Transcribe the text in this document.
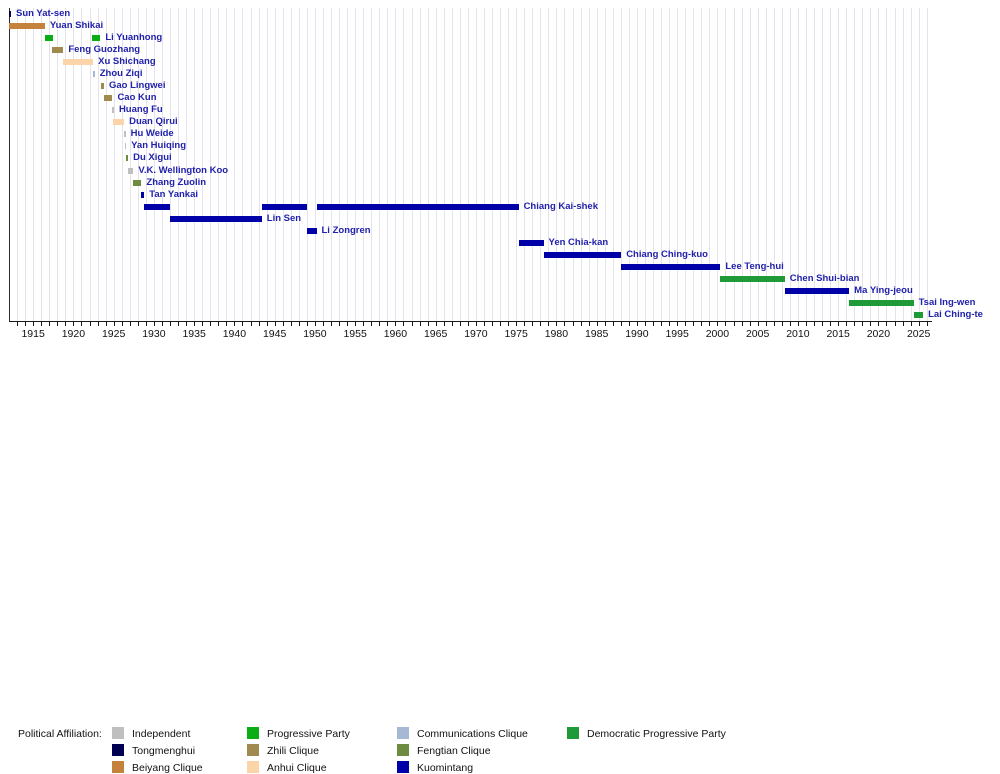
1915 1920 1925 1930 1935 1940 1945 1950 1955 1960 1965 1970 1975 1980 1985 1990 1995 2000 2005 2010 2015 2020 2025
Sun Yat-sen
Yuan Shikai
Li Yuanhong
Feng Guozhang
Xu Shichang
Zhou Ziqi
Gao Lingwei
Cao Kun
Huang Fu
Duan Qirui
Hu Weide
Yan Huiqing
Du Xigui
V.K. Wellington Koo
Zhang Zuolin
Tan Yankai
Chiang Kai-shek
Lin Sen
Li Zongren
Yen Chia-kan
Chiang Ching-kuo
Lee Teng-hui
Chen Shui-bian
Ma Ying-jeou
Tsai Ing-wen
Lai Ching-te
Political Affiliation:	Independent
Tongmenghui
Beiyang Clique
Progressive Party
Zhili Clique
Anhui Clique
Communications Clique
Fengtian Clique
Kuomintang
Democratic Progressive Party
